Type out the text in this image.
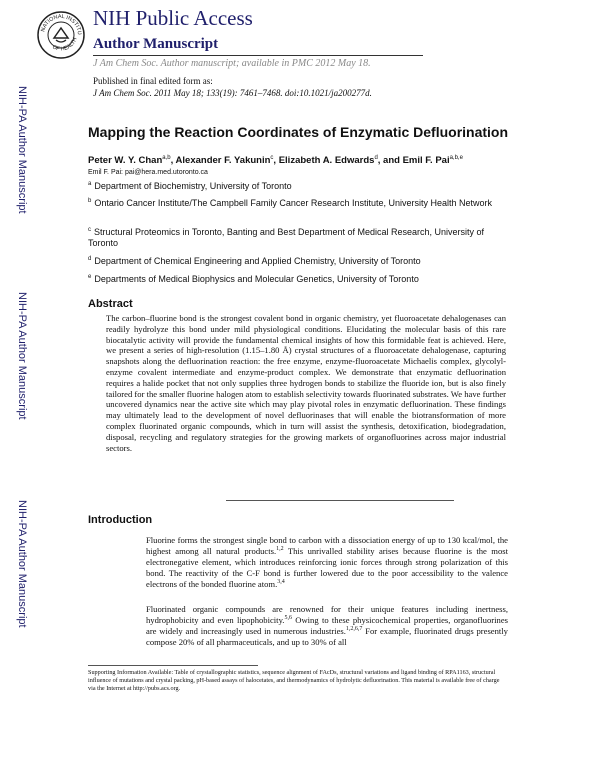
NATIONAL INSTITU
OF HEALTH
NIH Public Access
Author Manuscript
J Am Chem Soc. Author manuscript; available in PMC 2012 May 18.
Published in final edited form as:
J Am Chem Soc. 2011 May 18; 133(19): 7461–7468. doi:10.1021/ja200277d.
NIH-PA Author Manuscript
NIH-PA Author Manuscript
NIH-PA Author Manuscript
Mapping the Reaction Coordinates of Enzymatic Defluorination
Peter W. Y. Chan$^{a,b}$, Alexander F. Yakunin$^c$, Elizabeth A. Edwards$^d$, and Emil F. Pai$^{a,b,e}$
Emil F. Pai: pai@hera.med.utoronto.ca
$^a$ Department of Biochemistry, University of Toronto
$^b$ Ontario Cancer Institute/The Campbell Family Cancer Research Institute, University Health Network
$^c$ Structural Proteomics in Toronto, Banting and Best Department of Medical Research, University of Toronto
$^d$ Department of Chemical Engineering and Applied Chemistry, University of Toronto
$^e$ Departments of Medical Biophysics and Molecular Genetics, University of Toronto
Abstract
The carbon–fluorine bond is the strongest covalent bond in organic chemistry, yet fluoroacetate dehalogenases can readily hydrolyze this bond under mild physiological conditions. Elucidating the molecular basis of this rare biocatalytic activity will provide the fundamental chemical insights of how this formidable feat is achieved. Here, we present a series of high-resolution (1.15–1.80 Å) crystal structures of a fluoroacetate dehalogenase, capturing snapshots along the defluorination reaction: the free enzyme, enzyme-fluoroacetate Michaelis complex, glycolyl-enzyme covalent intermediate and enzyme-product complex. We demonstrate that enzymatic defluorination requires a halide pocket that not only supplies three hydrogen bonds to stabilize the fluoride ion, but is also finely tailored for the smaller fluorine halogen atom to establish selectivity towards fluorinated substrates. We have further uncovered dynamics near the active site which may play pivotal roles in enzymatic defluorination. These findings may ultimately lead to the development of novel defluorinases that will enable the biotransformation of more complex fluorinated organic compounds, which in turn will assist the synthesis, detoxification, biodegradation, disposal, recycling and regulatory strategies for the growing markets of organofluorines across major industrial sectors.
Introduction
Fluorine forms the strongest single bond to carbon with a dissociation energy of up to 130 kcal/mol, the highest among all natural products.$^{1,2}$ This unrivalled stability arises because fluorine is the most electronegative element, which introduces reinforcing ionic forces through strong polarization of this bond. The reactivity of the C-F bond is further lowered due to the poor accessibility to the valence electrons of the bonded fluorine atom.$^{3,4}$
Fluorinated organic compounds are renowned for their unique features including inertness, hydrophobicity and even lipophobicity.$^{5,6}$ Owing to these physicochemical properties, organofluorines are widely and increasingly used in numerous industries.$^{1,2,6,7}$ For example, fluorinated drugs presently compose 20% of all pharmaceuticals, and up to 30% of all
Supporting Information Available: Table of crystallographic statistics, sequence alignment of FAcDs, structural variations and ligand binding of RPA1163, structural influence of mutations and crystal packing, pH-based assays of halocetates, and thermodynamics of hydrolytic defluorination. This material is available free of charge via the Internet at http://pubs.acs.org.
